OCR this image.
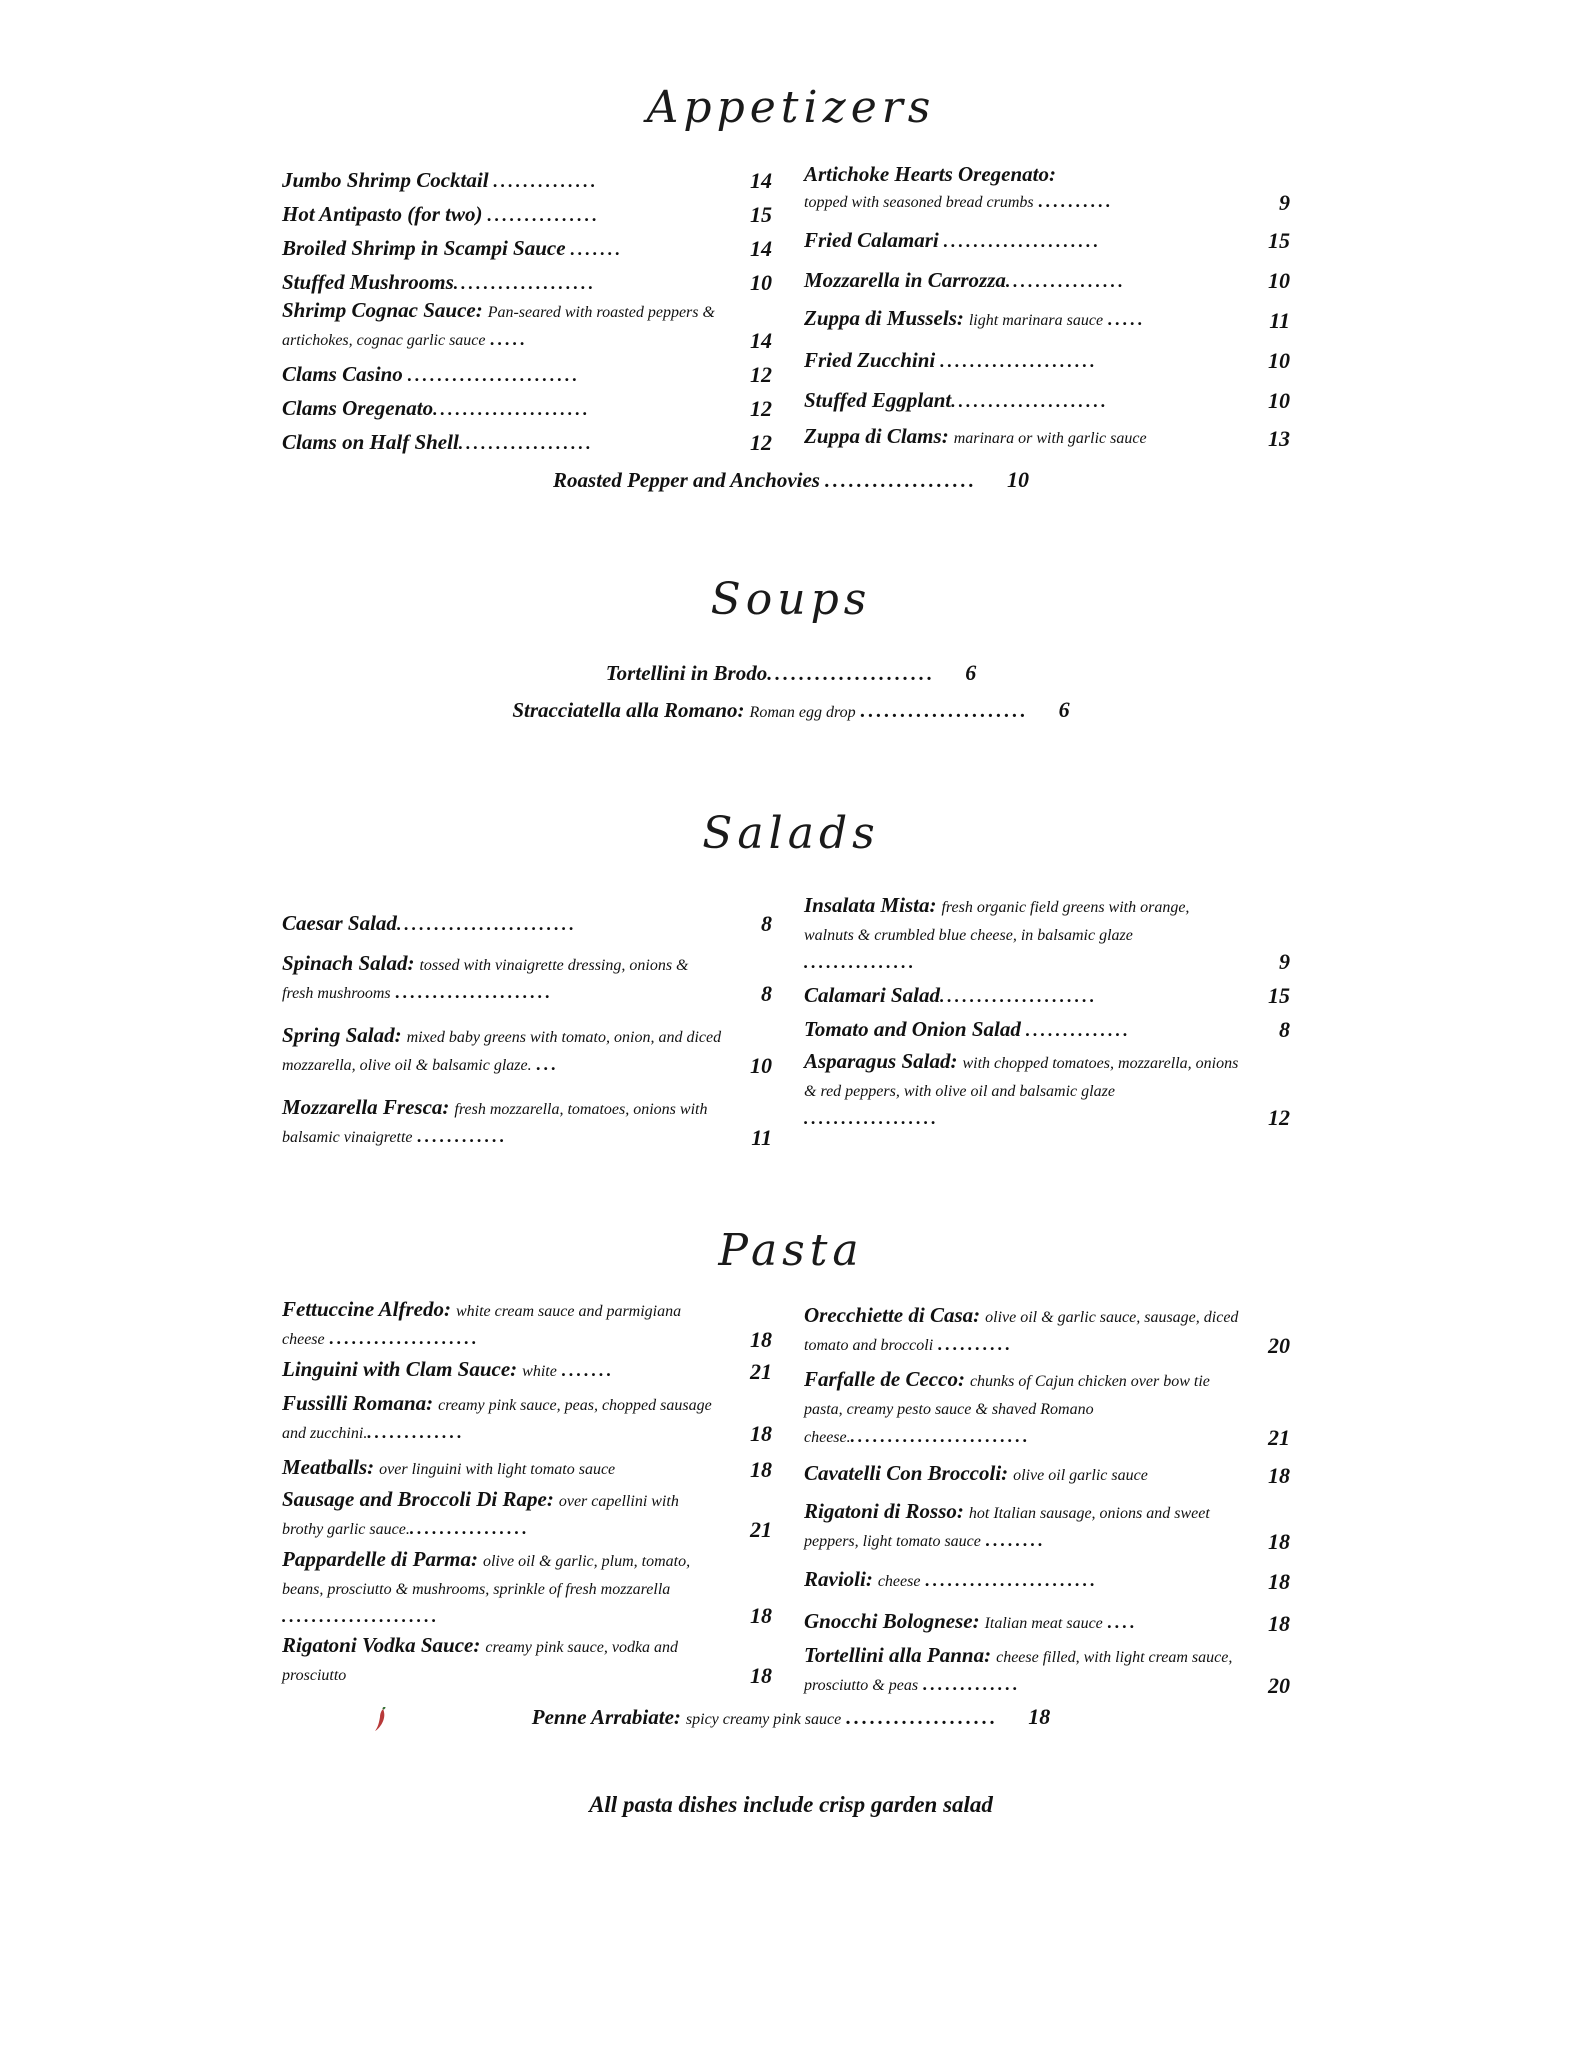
Appetizers
Jumbo Shrimp Cocktail ..............	14
Hot Antipasto (for two) ...............	15
Broiled Shrimp in Scampi Sauce .......	14
Stuffed Mushrooms...................	10
Shrimp Cognac Sauce: Pan-seared with roasted peppers & artichokes, cognac garlic sauce .....	14
Clams Casino .......................	12
Clams Oregenato.....................	12
Clams on Half Shell..................	12
Artichoke Hearts Oregenato:
topped with seasoned bread crumbs ..........	9
Fried Calamari .....................	15
Mozzarella in Carrozza................	10
Zuppa di Mussels: light marinara sauce .....	11
Fried Zucchini .....................	10
Stuffed Eggplant.....................	10
Zuppa di Clams: marinara or with garlic sauce	13
Roasted Pepper and Anchovies ................... 10
Soups
Tortellini in Brodo..................... 6
Stracciatella alla Romano: Roman egg drop ..................... 6
Salads
Caesar Salad........................	8
Spinach Salad: tossed with vinaigrette dressing, onions & fresh mushrooms .....................	8
Spring Salad: mixed baby greens with tomato, onion, and diced mozzarella, olive oil & balsamic glaze. ...	10
Mozzarella Fresca: fresh mozzarella, tomatoes, onions with balsamic vinaigrette ............	11
Insalata Mista: fresh organic field greens with orange, walnuts & crumbled blue cheese, in balsamic glaze ...............	9
Calamari Salad.....................	15
Tomato and Onion Salad ..............	8
Asparagus Salad: with chopped tomatoes, mozzarella, onions & red peppers, with olive oil and balsamic glaze ..................	12
Pasta
Fettuccine Alfredo: white cream sauce and parmigiana cheese ....................	18
Linguini with Clam Sauce: white .......	21
Fussilli Romana: creamy pink sauce, peas, chopped sausage and zucchini..............	18
Meatballs: over linguini with light tomato sauce	18
Sausage and Broccoli Di Rape: over capellini with brothy garlic sauce.................	21
Pappardelle di Parma: olive oil & garlic, plum, tomato, beans, prosciutto & mushrooms, sprinkle of fresh mozzarella .....................	18
Rigatoni Vodka Sauce: creamy pink sauce, vodka and prosciutto	18
Orecchiette di Casa: olive oil & garlic sauce, sausage, diced tomato and broccoli ..........	20
Farfalle de Cecco: chunks of Cajun chicken over bow tie pasta, creamy pesto sauce & shaved Romano cheese.........................	21
Cavatelli Con Broccoli: olive oil garlic sauce	18
Rigatoni di Rosso: hot Italian sausage, onions and sweet peppers, light tomato sauce ........	18
Ravioli: cheese .......................	18
Gnocchi Bolognese: Italian meat sauce ....	18
Tortellini alla Panna: cheese filled, with light cream sauce, prosciutto & peas .............	20
Penne Arrabiate: spicy creamy pink sauce ................... 18
All pasta dishes include crisp garden salad
